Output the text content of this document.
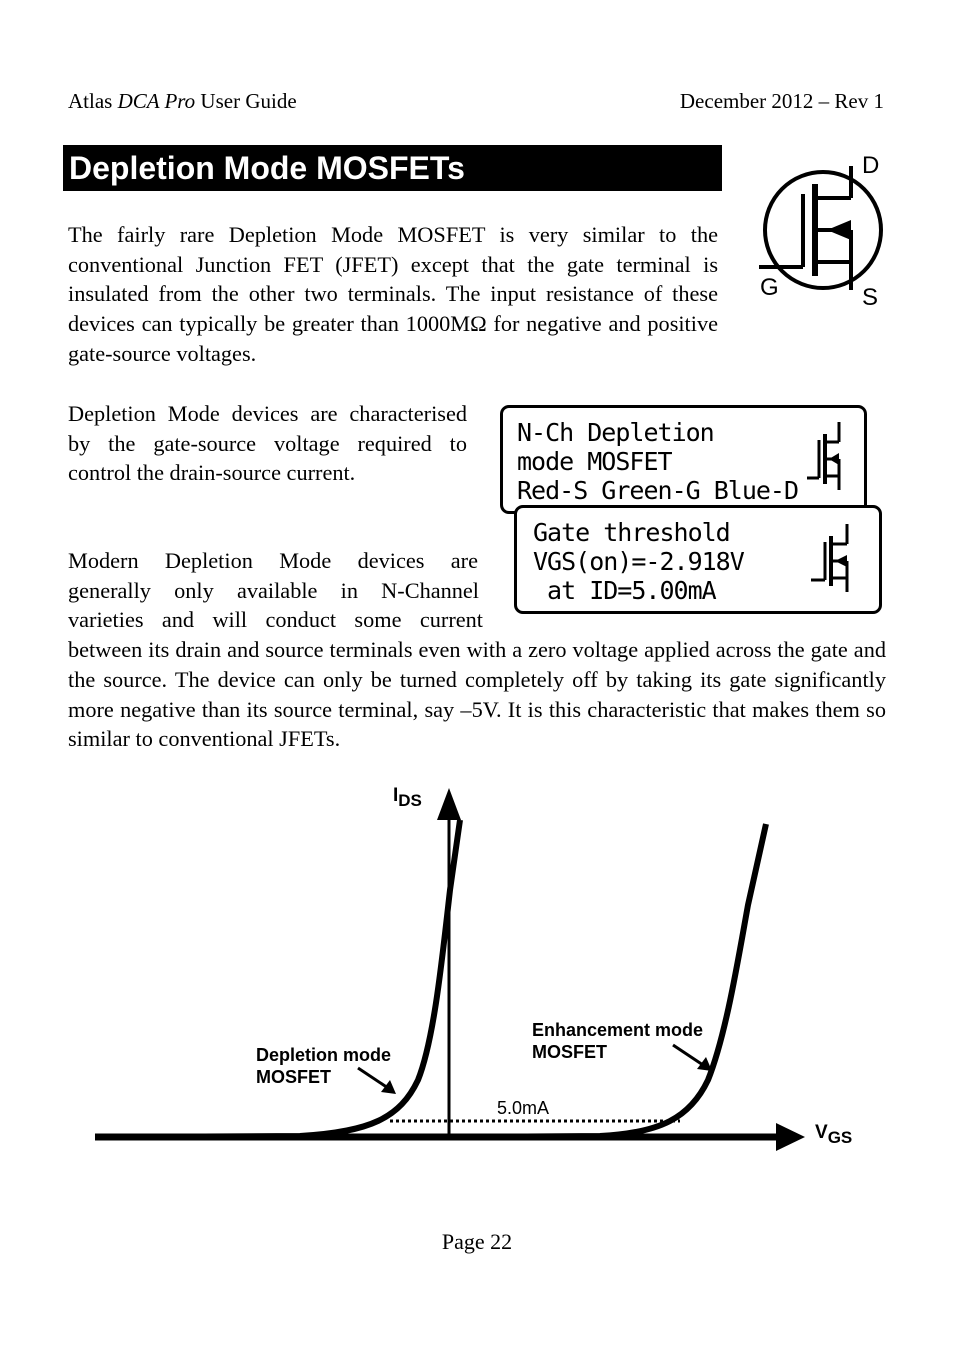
Atlas DCA Pro User Guide	December 2012 – Rev 1
Depletion Mode MOSFETs	D
G	S

The fairly rare Depletion Mode MOSFET is very similar to the conventional Junction FET (JFET) except that the gate terminal is insulated from the other two terminals. The input resistance of these devices can typically be greater than 1000MΩ for negative and positive gate-source voltages.

Depletion Mode devices are characterised by the gate-source voltage required to control the drain-source current.

Modern Depletion Mode devices are

generally only available in N-Channel

varieties and will conduct some current

between its drain and source terminals even with a zero voltage applied across the gate and the source. The device can only be turned completely off by taking its gate significantly more negative than its source terminal, say –5V. It is this characteristic that makes them so similar to conventional JFETs.

N-Ch Depletion
mode MOSFET
Red-S Green-G Blue-D
Gate threshold
VGS(on)=-2.918V
at ID=5.00mA
$I_{DS}$
$V_{GS}$
Depletion mode
MOSFET
Enhancement mode
MOSFET
5.0mA
Page 22
